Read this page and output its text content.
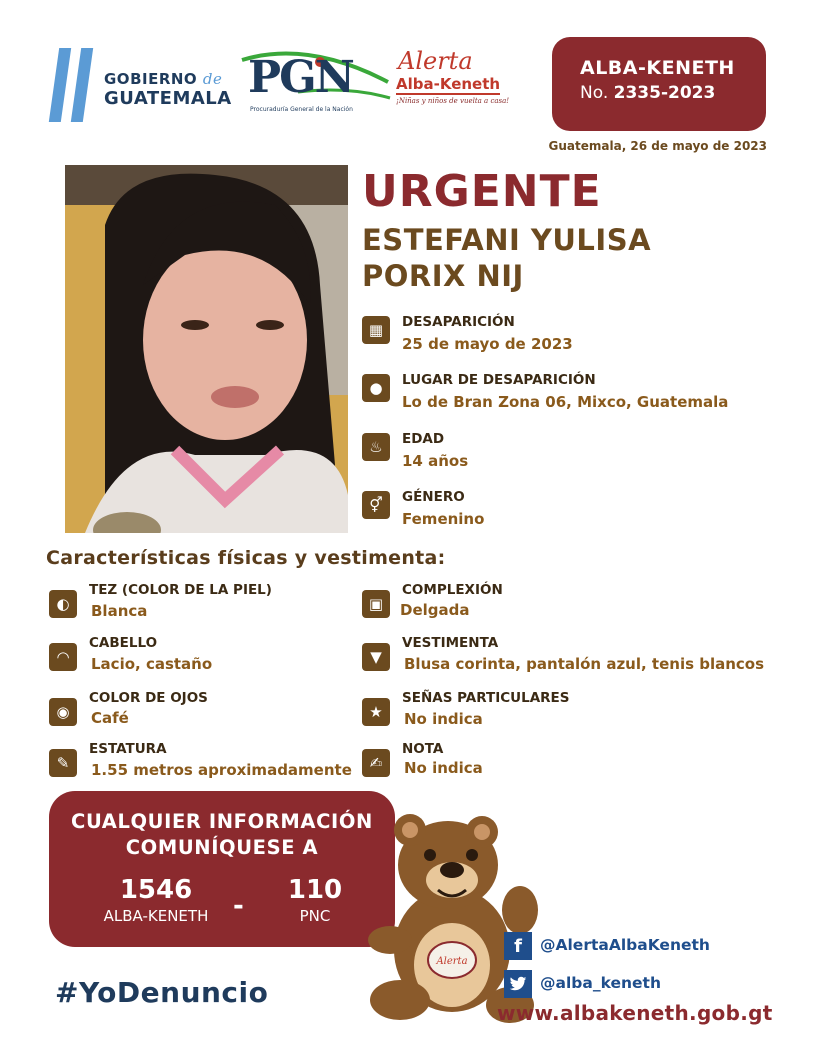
GOBIERNO de
GUATEMALA PGN
Procuraduría General de la Nación
Alerta
Alba-Keneth
¡Niñas y niños de vuelta a casa!
ALBA-KENETH
No. 2335-2023
Guatemala, 26 de mayo de 2023
URGENTE
ESTEFANI YULISA
PORIX NIJ
▦	DESAPARICIÓN
25 de mayo de 2023
●	LUGAR DE DESAPARICIÓN
Lo de Bran Zona 06, Mixco, Guatemala
♨	EDAD
14 años
⚥	GÉNERO
Femenino
Características físicas y vestimenta:
◐
TEZ (COLOR DE LA PIEL)
Blanca
◠
CABELLO
Lacio, castaño
◉
COLOR DE OJOS
Café
✎
ESTATURA
1.55 metros aproximadamente
▣
COMPLEXIÓN
Delgada
▼
VESTIMENTA
Blusa corinta, pantalón azul, tenis blancos
★
SEÑAS PARTICULARES
No indica
✍
NOTA
No indica
CUALQUIER INFORMACIÓN
COMUNÍQUESE A
1546
ALBA-KENETH -
110
PNC
#YoDenuncio
Alerta
f	@AlertaAlbaKeneth
@alba_keneth
www.albakeneth.gob.gt
